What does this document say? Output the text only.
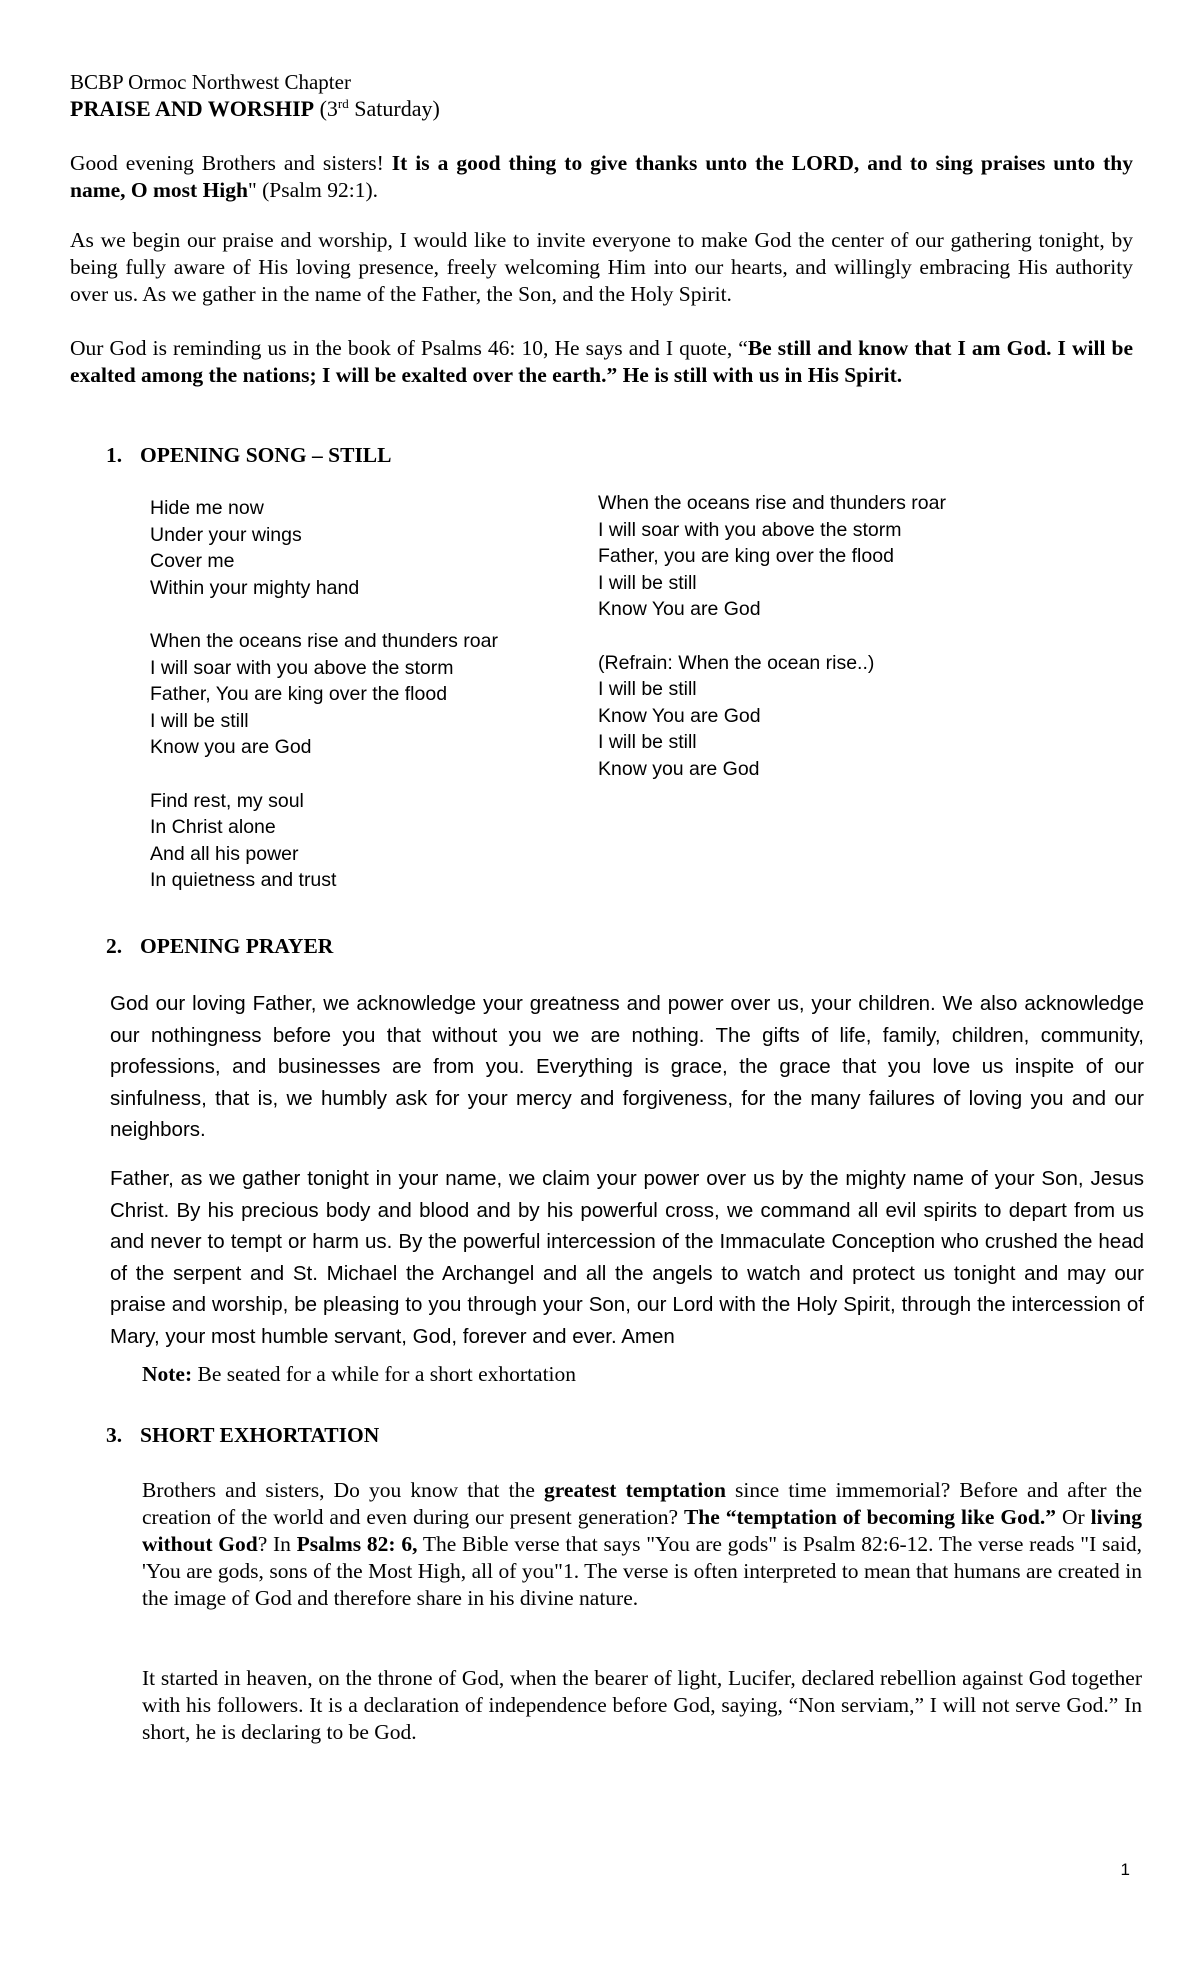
BCBP Ormoc Northwest Chapter
PRAISE AND WORSHIP (3rd Saturday)
Good evening Brothers and sisters! It is a good thing to give thanks unto the LORD, and to sing praises unto thy name, O most High" (Psalm 92:1).
As we begin our praise and worship, I would like to invite everyone to make God the center of our gathering tonight, by being fully aware of His loving presence, freely welcoming Him into our hearts, and willingly embracing His authority over us. As we gather in the name of the Father, the Son, and the Holy Spirit.
Our God is reminding us in the book of Psalms 46: 10, He says and I quote, “Be still and know that I am God. I will be exalted among the nations; I will be exalted over the earth.” He is still with us in His Spirit.
1. OPENING SONG – STILL
Hide me now
Under your wings
Cover me
Within your mighty hand
When the oceans rise and thunders roar
I will soar with you above the storm
Father, You are king over the flood
I will be still
Know you are God
Find rest, my soul
In Christ alone
And all his power
In quietness and trust
When the oceans rise and thunders roar
I will soar with you above the storm
Father, you are king over the flood
I will be still
Know You are God
(Refrain: When the ocean rise..)
I will be still
Know You are God
I will be still
Know you are God
2. OPENING PRAYER
God our loving Father, we acknowledge your greatness and power over us, your children. We also acknowledge our nothingness before you that without you we are nothing. The gifts of life, family, children, community, professions, and businesses are from you. Everything is grace, the grace that you love us inspite of our sinfulness, that is, we humbly ask for your mercy and forgiveness, for the many failures of loving you and our neighbors.
Father, as we gather tonight in your name, we claim your power over us by the mighty name of your Son, Jesus Christ. By his precious body and blood and by his powerful cross, we command all evil spirits to depart from us and never to tempt or harm us. By the powerful intercession of the Immaculate Conception who crushed the head of the serpent and St. Michael the Archangel and all the angels to watch and protect us tonight and may our praise and worship, be pleasing to you through your Son, our Lord with the Holy Spirit, through the intercession of Mary, your most humble servant, God, forever and ever. Amen
Note: Be seated for a while for a short exhortation
3. SHORT EXHORTATION
Brothers and sisters, Do you know that the greatest temptation since time immemorial? Before and after the creation of the world and even during our present generation? The “temptation of becoming like God.” Or living without God? In Psalms 82: 6, The Bible verse that says "You are gods" is Psalm 82:6-12. The verse reads "I said, 'You are gods, sons of the Most High, all of you"1. The verse is often interpreted to mean that humans are created in the image of God and therefore share in his divine nature.
It started in heaven, on the throne of God, when the bearer of light, Lucifer, declared rebellion against God together with his followers. It is a declaration of independence before God, saying, “Non serviam,” I will not serve God.” In short, he is declaring to be God.
1
